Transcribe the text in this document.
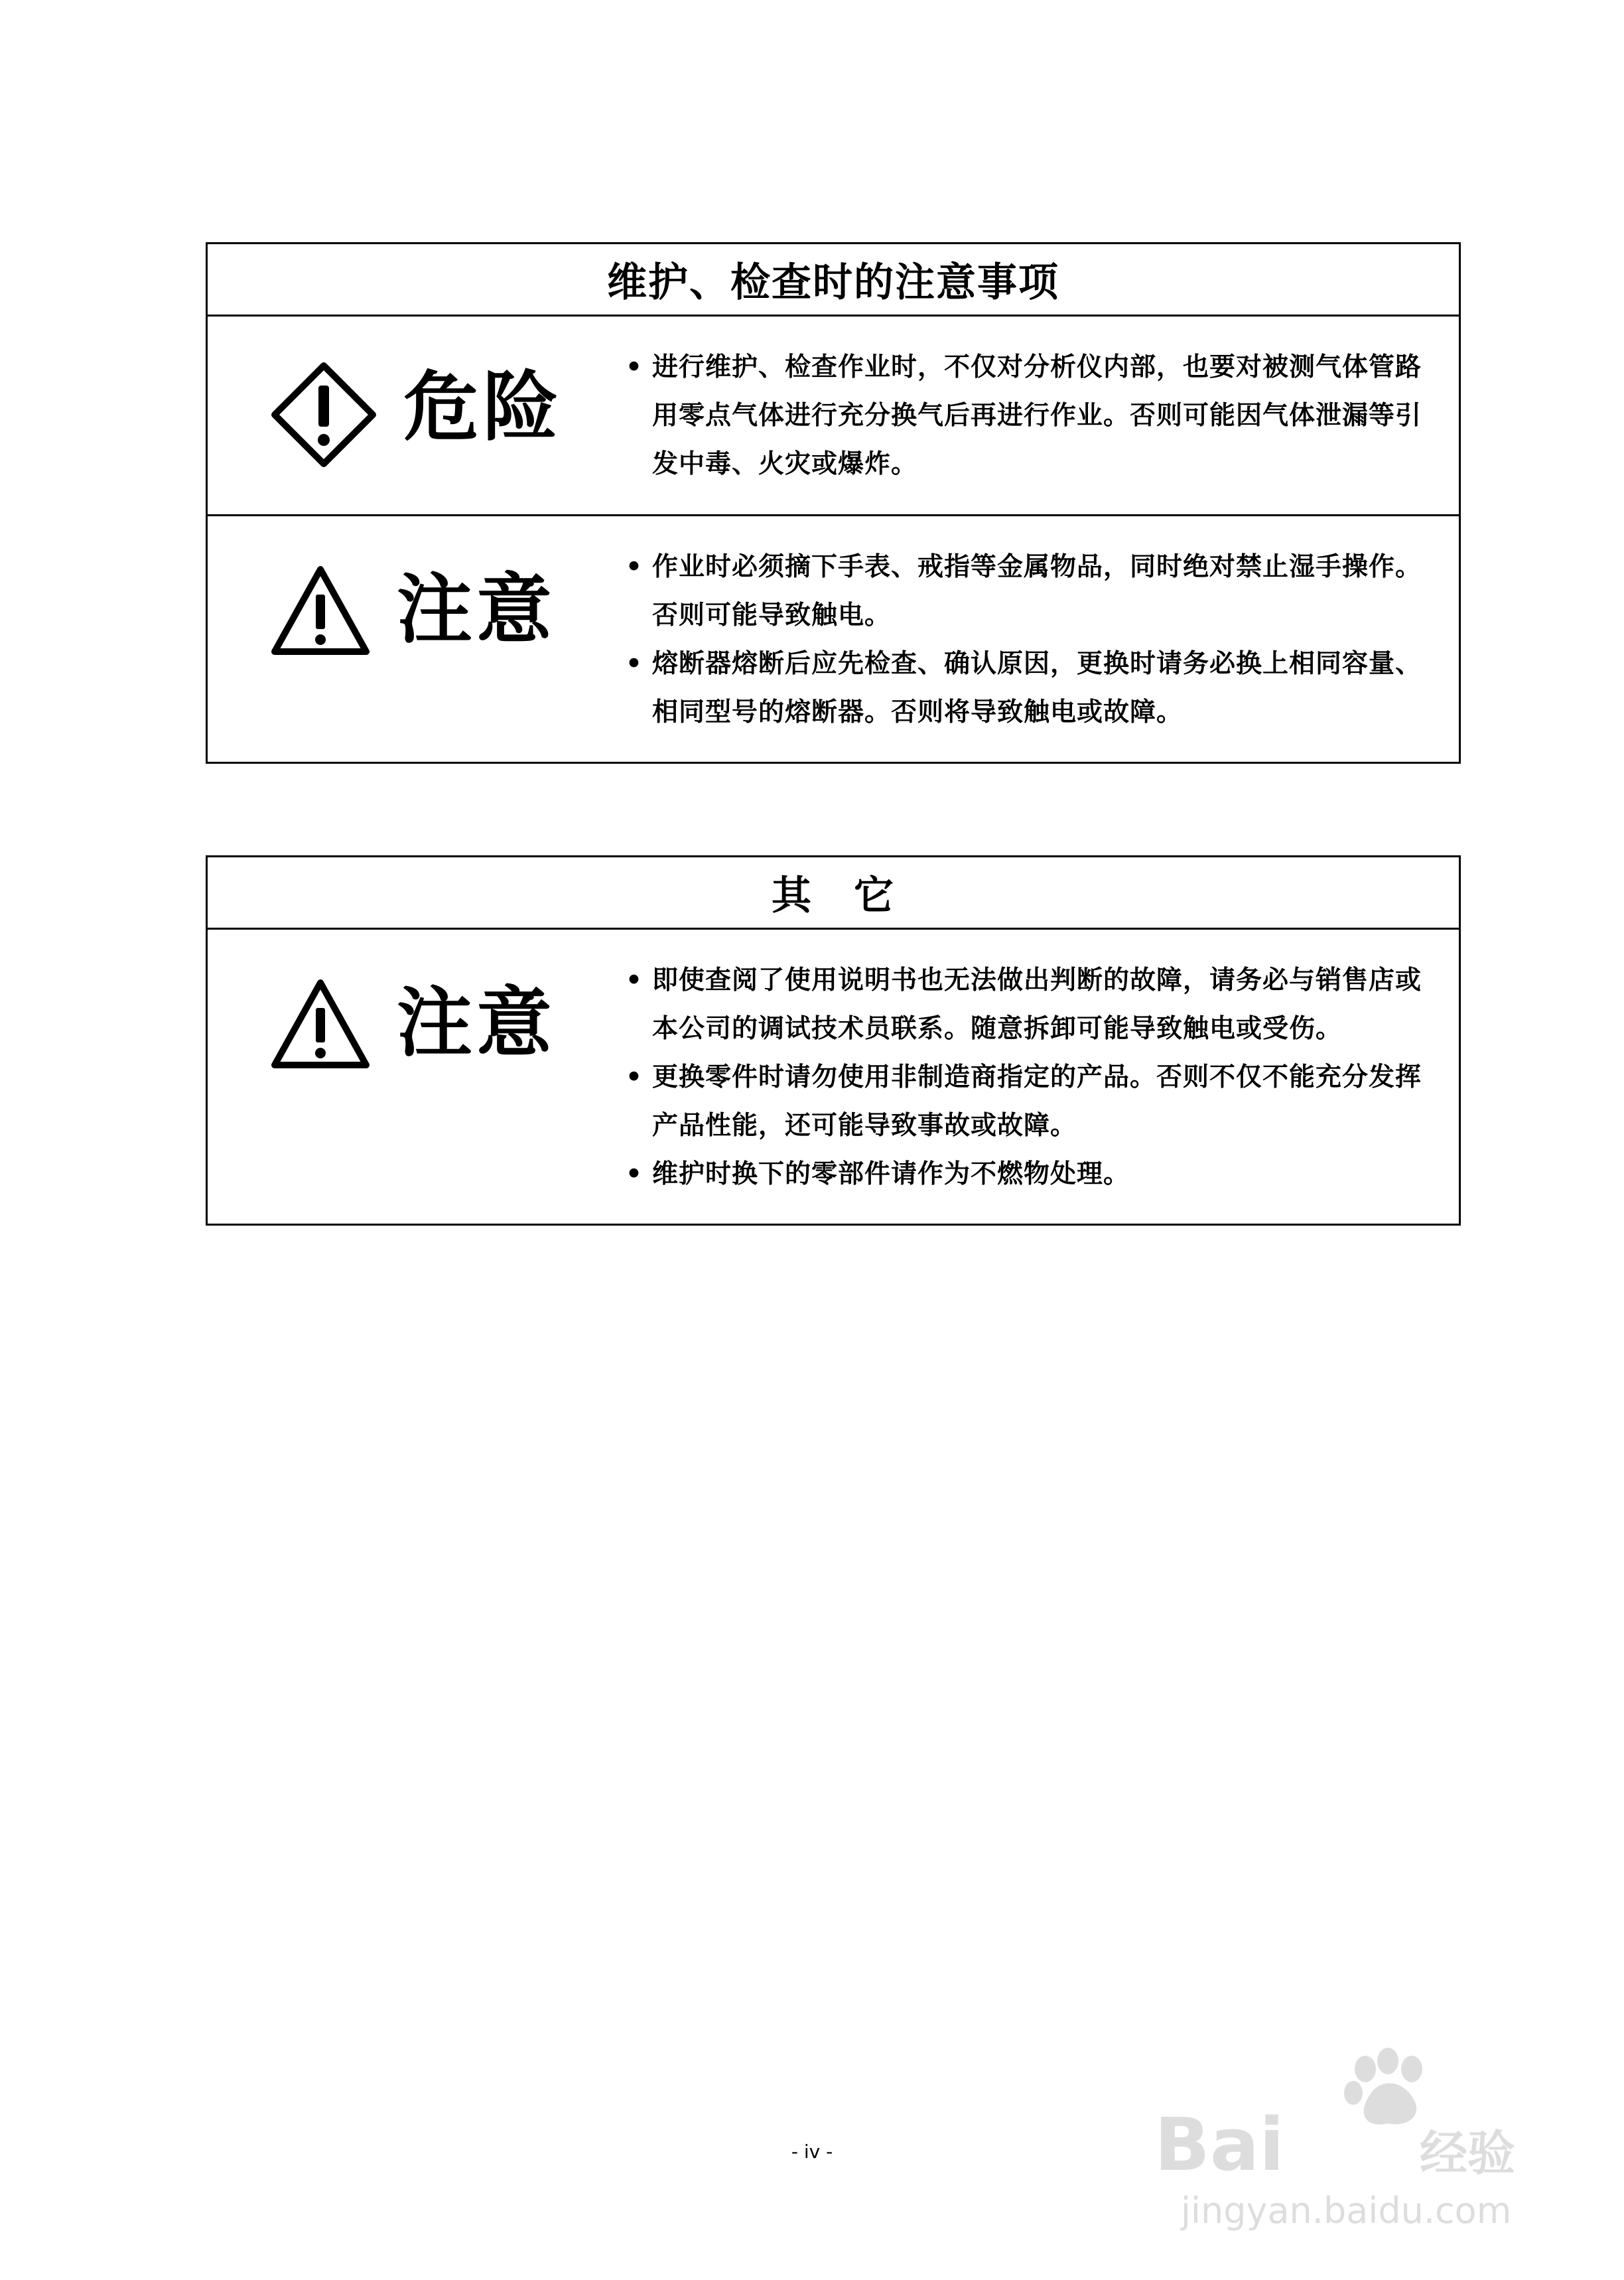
维护、检查时的注意事项
危险	• 进行维护、检查作业时，不仅对分析仪内部，也要对被测气体管路用零点气体进行充分换气后再进行作业。否则可能因气体泄漏等引发中毒、火灾或爆炸。
注意	• 作业时必须摘下手表、戒指等金属物品，同时绝对禁止湿手操作。否则可能导致触电。
• 熔断器熔断后应先检查、确认原因，更换时请务必换上相同容量、相同型号的熔断器。否则将导致触电或故障。
其　它
注意	• 即使查阅了使用说明书也无法做出判断的故障，请务必与销售店或本公司的调试技术员联系。随意拆卸可能导致触电或受伤。
• 更换零件时请勿使用非制造商指定的产品。否则不仅不能充分发挥产品性能，还可能导致事故或故障。
• 维护时换下的零部件请作为不燃物处理。
- iv -	Bai	经验
jingyan.baidu.com
